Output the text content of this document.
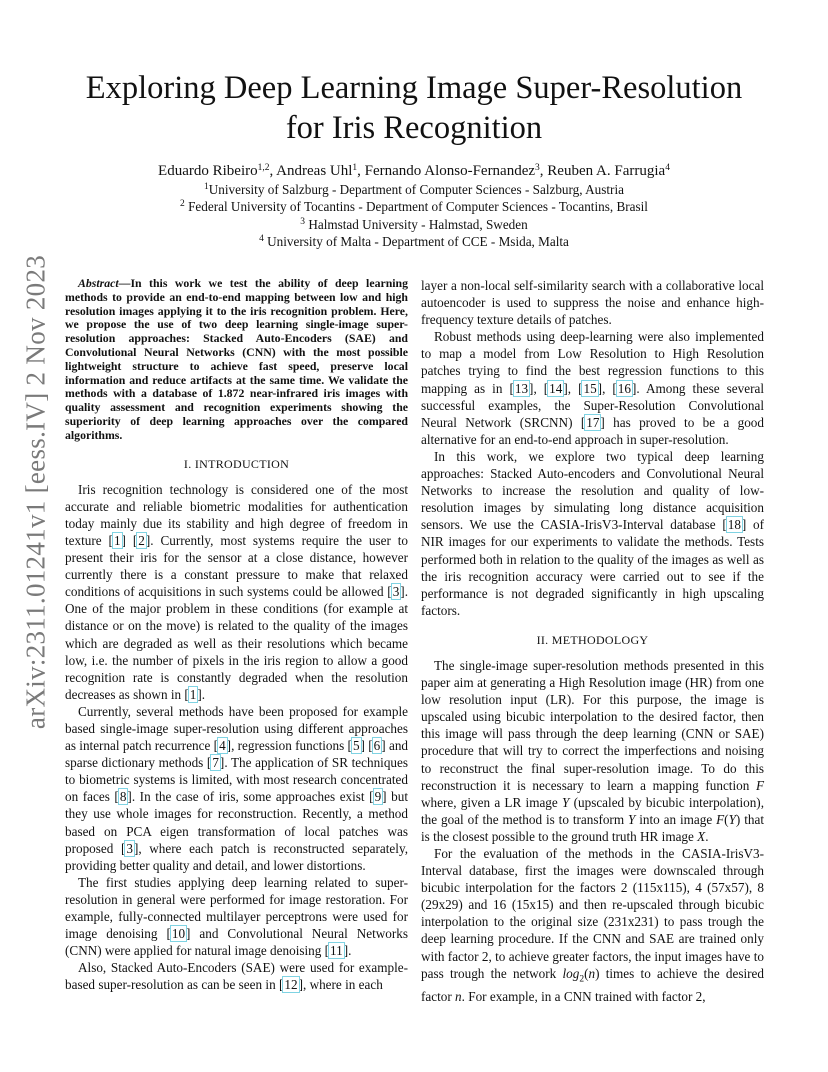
arXiv:2311.01241v1 [eess.IV] 2 Nov 2023
Exploring Deep Learning Image Super-Resolution
for Iris Recognition
Eduardo Ribeiro$^{1,2}$, Andreas Uhl$^1$, Fernando Alonso-Fernandez$^3$, Reuben A. Farrugia$^4$
$^1$University of Salzburg - Department of Computer Sciences - Salzburg, Austria
$^2$ Federal University of Tocantins - Department of Computer Sciences - Tocantins, Brasil
$^3$ Halmstad University - Halmstad, Sweden
$^4$ University of Malta - Department of CCE - Msida, Malta

Abstract—In this work we test the ability of deep learning methods to provide an end-to-end mapping between low and high resolution images applying it to the iris recognition problem. Here, we propose the use of two deep learning single-image super-resolution approaches: Stacked Auto-Encoders (SAE) and Convolutional Neural Networks (CNN) with the most possible lightweight structure to achieve fast speed, preserve local information and reduce artifacts at the same time. We validate the methods with a database of 1.872 near-infrared iris images with quality assessment and recognition experiments showing the superiority of deep learning approaches over the compared algorithms.

I. INTRODUCTION

Iris recognition technology is considered one of the most accurate and reliable biometric modalities for authentication today mainly due its stability and high degree of freedom in texture [1] [2]. Currently, most systems require the user to present their iris for the sensor at a close distance, however currently there is a constant pressure to make that relaxed conditions of acquisitions in such systems could be allowed [3]. One of the major problem in these conditions (for example at distance or on the move) is related to the quality of the images which are degraded as well as their resolutions which became low, i.e. the number of pixels in the iris region to allow a good recognition rate is constantly degraded when the resolution decreases as shown in [1].

Currently, several methods have been proposed for example based single-image super-resolution using different approaches as internal patch recurrence [4], regression functions [5] [6] and sparse dictionary methods [7]. The application of SR techniques to biometric systems is limited, with most research concentrated on faces [8]. In the case of iris, some approaches exist [9] but they use whole images for reconstruction. Recently, a method based on PCA eigen transformation of local patches was proposed [3], where each patch is reconstructed separately, providing better quality and detail, and lower distortions.

The first studies applying deep learning related to super-resolution in general were performed for image restoration. For example, fully-connected multilayer perceptrons were used for image denoising [10] and Convolutional Neural Networks (CNN) were applied for natural image denoising [11].

Also, Stacked Auto-Encoders (SAE) were used for example-based super-resolution as can be seen in [12], where in each

layer a non-local self-similarity search with a collaborative local autoencoder is used to suppress the noise and enhance high-frequency texture details of patches.

Robust methods using deep-learning were also implemented to map a model from Low Resolution to High Resolution patches trying to find the best regression functions to this mapping as in [13], [14], [15], [16]. Among these several successful examples, the Super-Resolution Convolutional Neural Network (SRCNN) [17] has proved to be a good alternative for an end-to-end approach in super-resolution.

In this work, we explore two typical deep learning approaches: Stacked Auto-encoders and Convolutional Neural Networks to increase the resolution and quality of low-resolution images by simulating long distance acquisition sensors. We use the CASIA-IrisV3-Interval database [18] of NIR images for our experiments to validate the methods. Tests performed both in relation to the quality of the images as well as the iris recognition accuracy were carried out to see if the performance is not degraded significantly in high upscaling factors.

II. METHODOLOGY

The single-image super-resolution methods presented in this paper aim at generating a High Resolution image (HR) from one low resolution input (LR). For this purpose, the image is upscaled using bicubic interpolation to the desired factor, then this image will pass through the deep learning (CNN or SAE) procedure that will try to correct the imperfections and noising to reconstruct the final super-resolution image. To do this reconstruction it is necessary to learn a mapping function F where, given a LR image Y (upscaled by bicubic interpolation), the goal of the method is to transform Y into an image F(Y) that is the closest possible to the ground truth HR image X.

For the evaluation of the methods in the CASIA-IrisV3-Interval database, first the images were downscaled through bicubic interpolation for the factors 2 (115x115), 4 (57x57), 8 (29x29) and 16 (15x15) and then re-upscaled through bicubic interpolation to the original size (231x231) to pass trough the deep learning procedure. If the CNN and SAE are trained only with factor 2, to achieve greater factors, the input images have to pass trough the network $\log_2(n)$ times to achieve the desired factor n. For example, in a CNN trained with factor 2,
